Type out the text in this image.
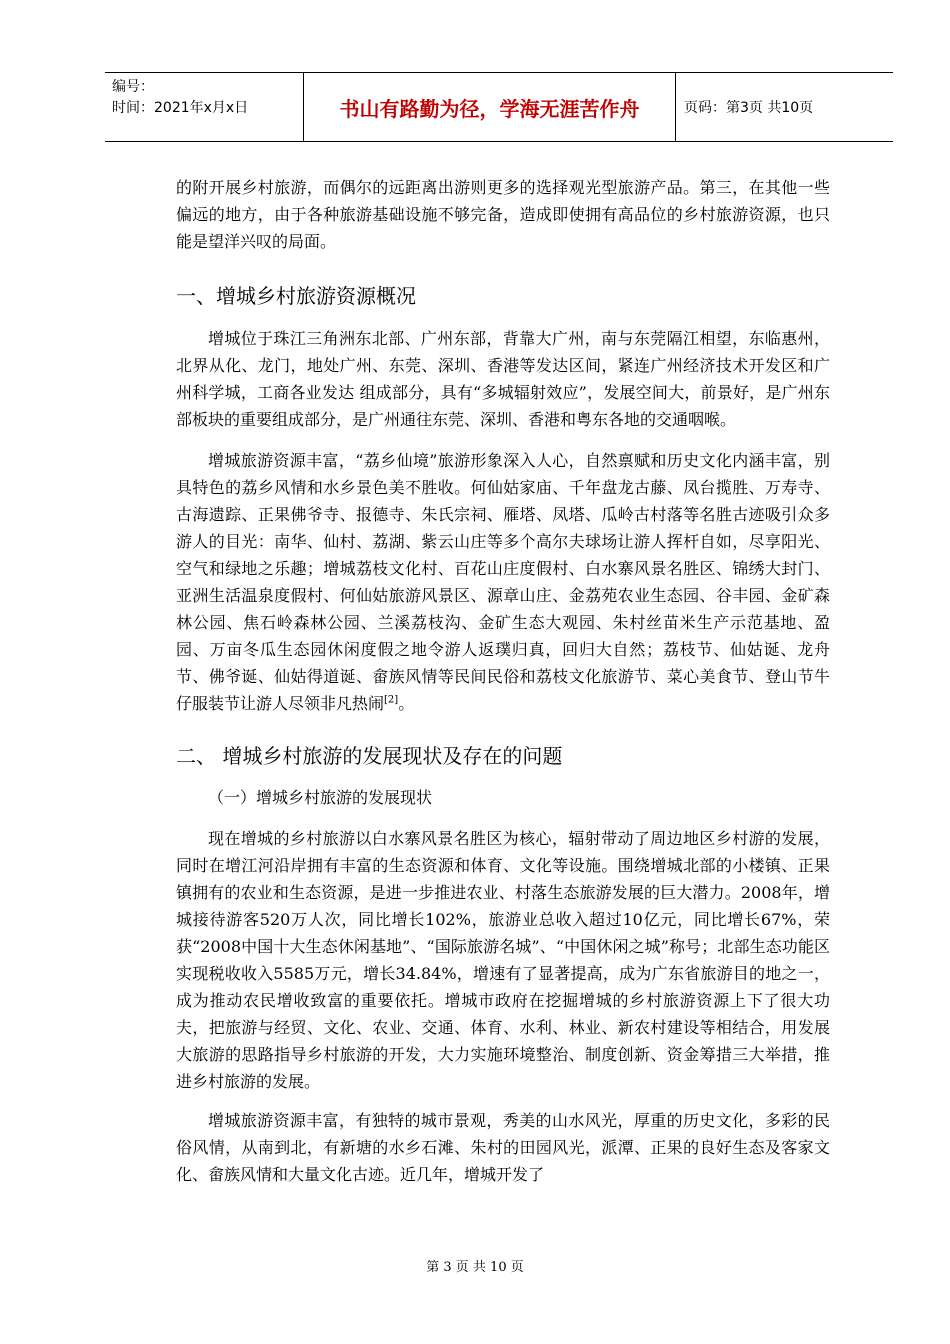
编号：
时间：2021年x月x日	书山有路勤为径，学海无涯苦作舟	页码：第3页 共10页

的附开展乡村旅游，而偶尔的远距离出游则更多的选择观光型旅游产品。第三，在其他一些偏远的地方，由于各种旅游基础设施不够完备，造成即使拥有高品位的乡村旅游资源，也只能是望洋兴叹的局面。

一、增城乡村旅游资源概况

增城位于珠江三角洲东北部、广州东部，背靠大广州，南与东莞隔江相望，东临惠州，北界从化、龙门，地处广州、东莞、深圳、香港等发达区间，紧连广州经济技术开发区和广州科学城，工商各业发达 组成部分，具有“多城辐射效应”，发展空间大，前景好，是广州东部板块的重要组成部分，是广州通往东莞、深圳、香港和粤东各地的交通咽喉。

增城旅游资源丰富，“荔乡仙境”旅游形象深入人心，自然禀赋和历史文化内涵丰富，别具特色的荔乡风情和水乡景色美不胜收。何仙姑家庙、千年盘龙古藤、凤台揽胜、万寿寺、古海遗踪、正果佛爷寺、报德寺、朱氏宗祠、雁塔、凤塔、瓜岭古村落等名胜古迹吸引众多游人的目光：南华、仙村、荔湖、紫云山庄等多个高尔夫球场让游人挥杆自如，尽享阳光、空气和绿地之乐趣；增城荔枝文化村、百花山庄度假村、白水寨风景名胜区、锦绣大封门、亚洲生活温泉度假村、何仙姑旅游风景区、源章山庄、金荔苑农业生态园、谷丰园、金矿森林公园、焦石岭森林公园、兰溪荔枝沟、金矿生态大观园、朱村丝苗米生产示范基地、盈园、万亩冬瓜生态园休闲度假之地令游人返璞归真，回归大自然；荔枝节、仙姑诞、龙舟节、佛爷诞、仙姑得道诞、畲族风情等民间民俗和荔枝文化旅游节、菜心美食节、登山节牛仔服装节让游人尽领非凡热闹[2]。

二、 增城乡村旅游的发展现状及存在的问题
（一）增城乡村旅游的发展现状

现在增城的乡村旅游以白水寨风景名胜区为核心，辐射带动了周边地区乡村游的发展，同时在增江河沿岸拥有丰富的生态资源和体育、文化等设施。围绕增城北部的小楼镇、正果镇拥有的农业和生态资源，是进一步推进农业、村落生态旅游发展的巨大潜力。2008年，增城接待游客520万人次，同比增长102%，旅游业总收入超过10亿元，同比增长67%，荣获“2008中国十大生态休闲基地”、“国际旅游名城”、“中国休闲之城”称号；北部生态功能区实现税收收入5585万元，增长34.84%，增速有了显著提高，成为广东省旅游目的地之一，成为推动农民增收致富的重要依托。增城市政府在挖掘增城的乡村旅游资源上下了很大功夫，把旅游与经贸、文化、农业、交通、体育、水利、林业、新农村建设等相结合，用发展大旅游的思路指导乡村旅游的开发，大力实施环境整治、制度创新、资金筹措三大举措，推进乡村旅游的发展。

增城旅游资源丰富，有独特的城市景观，秀美的山水风光，厚重的历史文化，多彩的民俗风情，从南到北，有新塘的水乡石滩、朱村的田园风光，派潭、正果的良好生态及客家文化、畲族风情和大量文化古迹。近几年，增城开发了

第 3 页 共 10 页
